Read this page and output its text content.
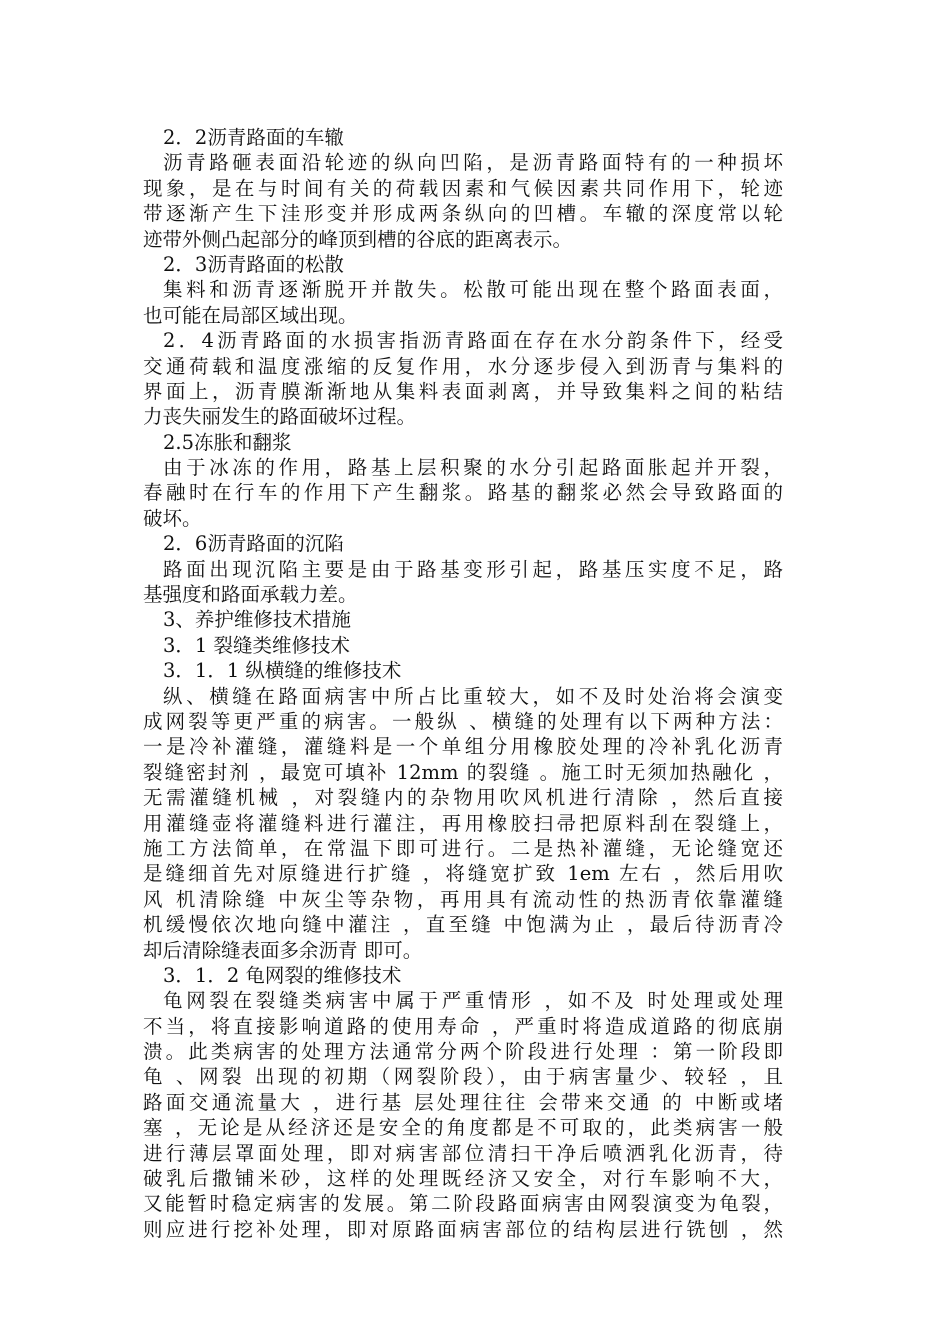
2．2沥青路面的车辙
沥青路砸表面沿轮迹的纵向凹陷，是沥青路面特有的一种损坏
现象，是在与时间有关的荷载因素和气候因素共同作用下，轮迹
带逐渐产生下洼形变并形成两条纵向的凹槽。车辙的深度常以轮
迹带外侧凸起部分的峰顶到槽的谷底的距离表示。
2．3沥青路面的松散
集料和沥青逐渐脱开并散失。松散可能出现在整个路面表面，
也可能在局部区域出现。
2．4沥青路面的水损害指沥青路面在存在水分韵条件下，经受
交通荷载和温度涨缩的反复作用，水分逐步侵入到沥青与集料的
界面上，沥青膜渐渐地从集料表面剥离，并导致集料之间的粘结
力丧失丽发生的路面破坏过程。
2.5冻胀和翻浆
由于冰冻的作用，路基上层积聚的水分引起路面胀起并开裂，
春融时在行车的作用下产生翻浆。路基的翻浆必然会导致路面的
破坏。
2．6沥青路面的沉陷
路面出现沉陷主要是由于路基变形引起，路基压实度不足，路
基强度和路面承载力差。
3、养护维修技术措施
3．1 裂缝类维修技术
3．1．1 纵横缝的维修技术
纵、横缝在路面病害中所占比重较大，如不及时处治将会演变
成网裂等更严重的病害。一般纵 、横缝的处理有以下两种方法：
一是冷补灌缝，灌缝料是一个单组分用橡胶处理的冷补乳化沥青
裂缝密封剂 ，最宽可填补 12mm 的裂缝 。施工时无须加热融化 ，
无需灌缝机械 ，对裂缝内的杂物用吹风机进行清除 ，然后直接
用灌缝壶将灌缝料进行灌注，再用橡胶扫帚把原料刮在裂缝上，
施工方法简单，在常温下即可进行。二是热补灌缝，无论缝宽还
是缝细首先对原缝进行扩缝 ，将缝宽扩致 1em 左右 ，然后用吹
风 机清除缝 中灰尘等杂物，再用具有流动性的热沥青依靠灌缝
机缓慢依次地向缝中灌注 ，直至缝 中饱满为止 ，最后待沥青冷
却后清除缝表面多余沥青 即可。
3．1．2 龟网裂的维修技术
龟网裂在裂缝类病害中属于严重情形 ，如不及 时处理或处理
不当，将直接影响道路的使用寿命 ，严重时将造成道路的彻底崩
溃。此类病害的处理方法通常分两个阶段进行处理 ：第一阶段即
龟 、网裂 出现的初期（网裂阶段），由于病害量少、较轻 ，且
路面交通流量大 ，进行基 层处理往往 会带来交通 的 中断或堵
塞 ，无论是从经济还是安全的角度都是不可取的，此类病害一般
进行薄层罩面处理，即对病害部位清扫干净后喷洒乳化沥青，待
破乳后撒铺米砂，这样的处理既经济又安全，对行车影响不大，
又能暂时稳定病害的发展。第二阶段路面病害由网裂演变为龟裂，
则应进行挖补处理，即对原路面病害部位的结构层进行铣刨 ，然
